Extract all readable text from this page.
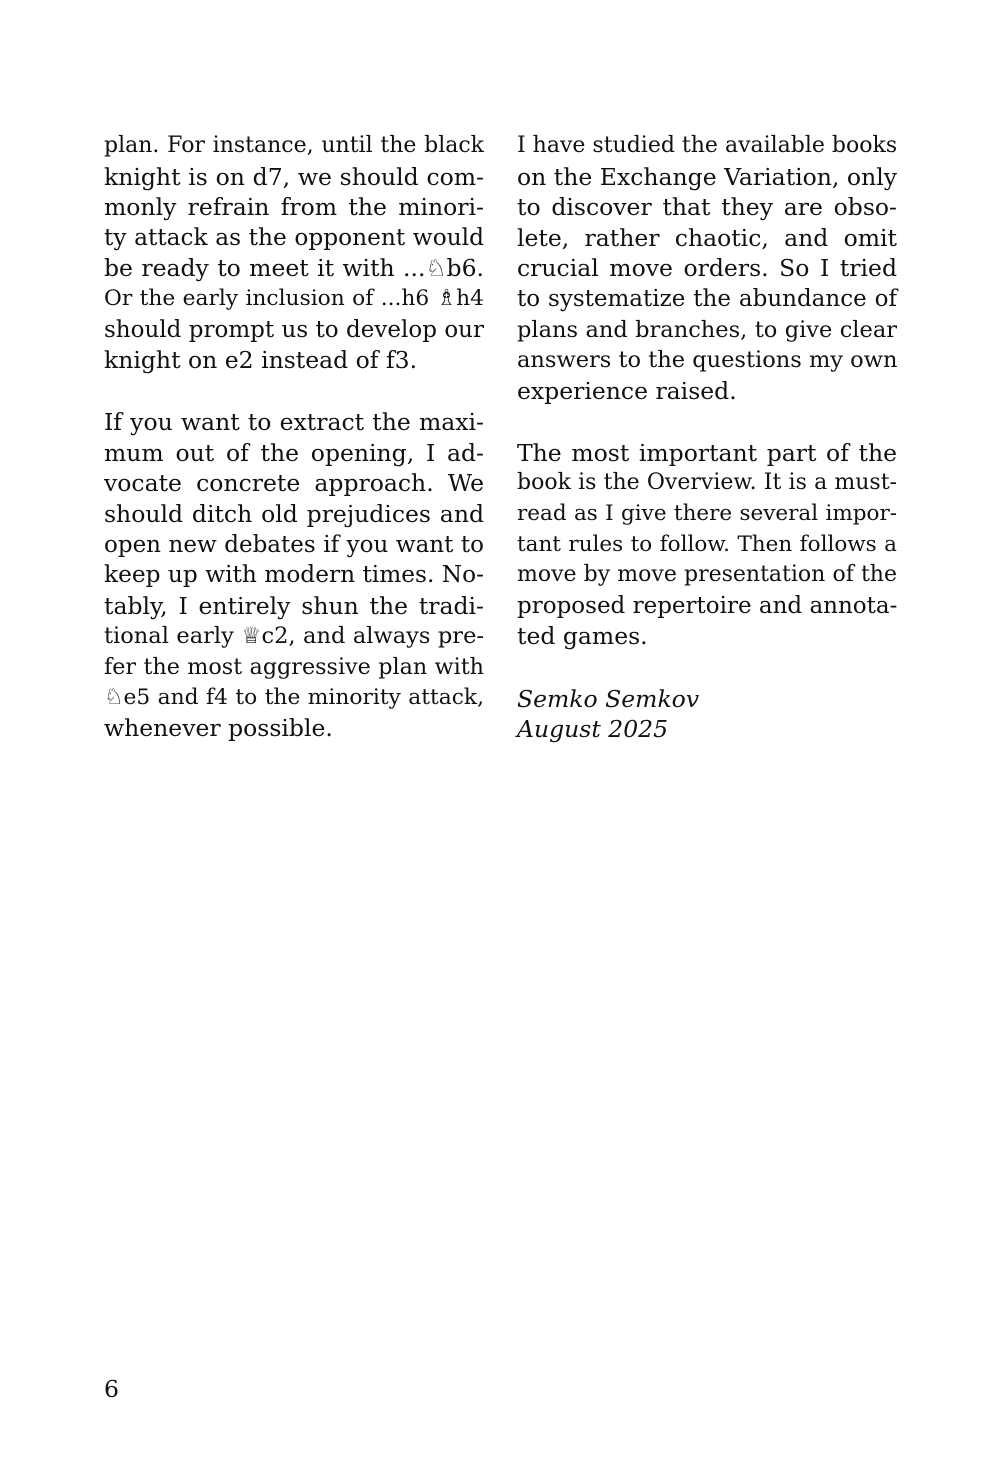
plan. For instance, until the black
knight is on d7, we should com-
monly refrain from the minori-
ty attack as the opponent would
be ready to meet it with ...♘b6.
Or the early inclusion of ...h6 ♗h4
should prompt us to develop our
knight on e2 instead of f3.
If you want to extract the maxi-
mum out of the opening, I ad-
vocate concrete approach. We
should ditch old prejudices and
open new debates if you want to
keep up with modern times. No-
tably, I entirely shun the tradi-
tional early ♕c2, and always pre-
fer the most aggressive plan with
♘e5 and f4 to the minority attack,
whenever possible.
I have studied the available books
on the Exchange Variation, only
to discover that they are obso-
lete, rather chaotic, and omit
crucial move orders. So I tried
to systematize the abundance of
plans and branches, to give clear
answers to the questions my own
experience raised.
The most important part of the
book is the Overview. It is a must-
read as I give there several impor-
tant rules to follow. Then follows a
move by move presentation of the
proposed repertoire and annota-
ted games.
Semko Semkov
August 2025
6
